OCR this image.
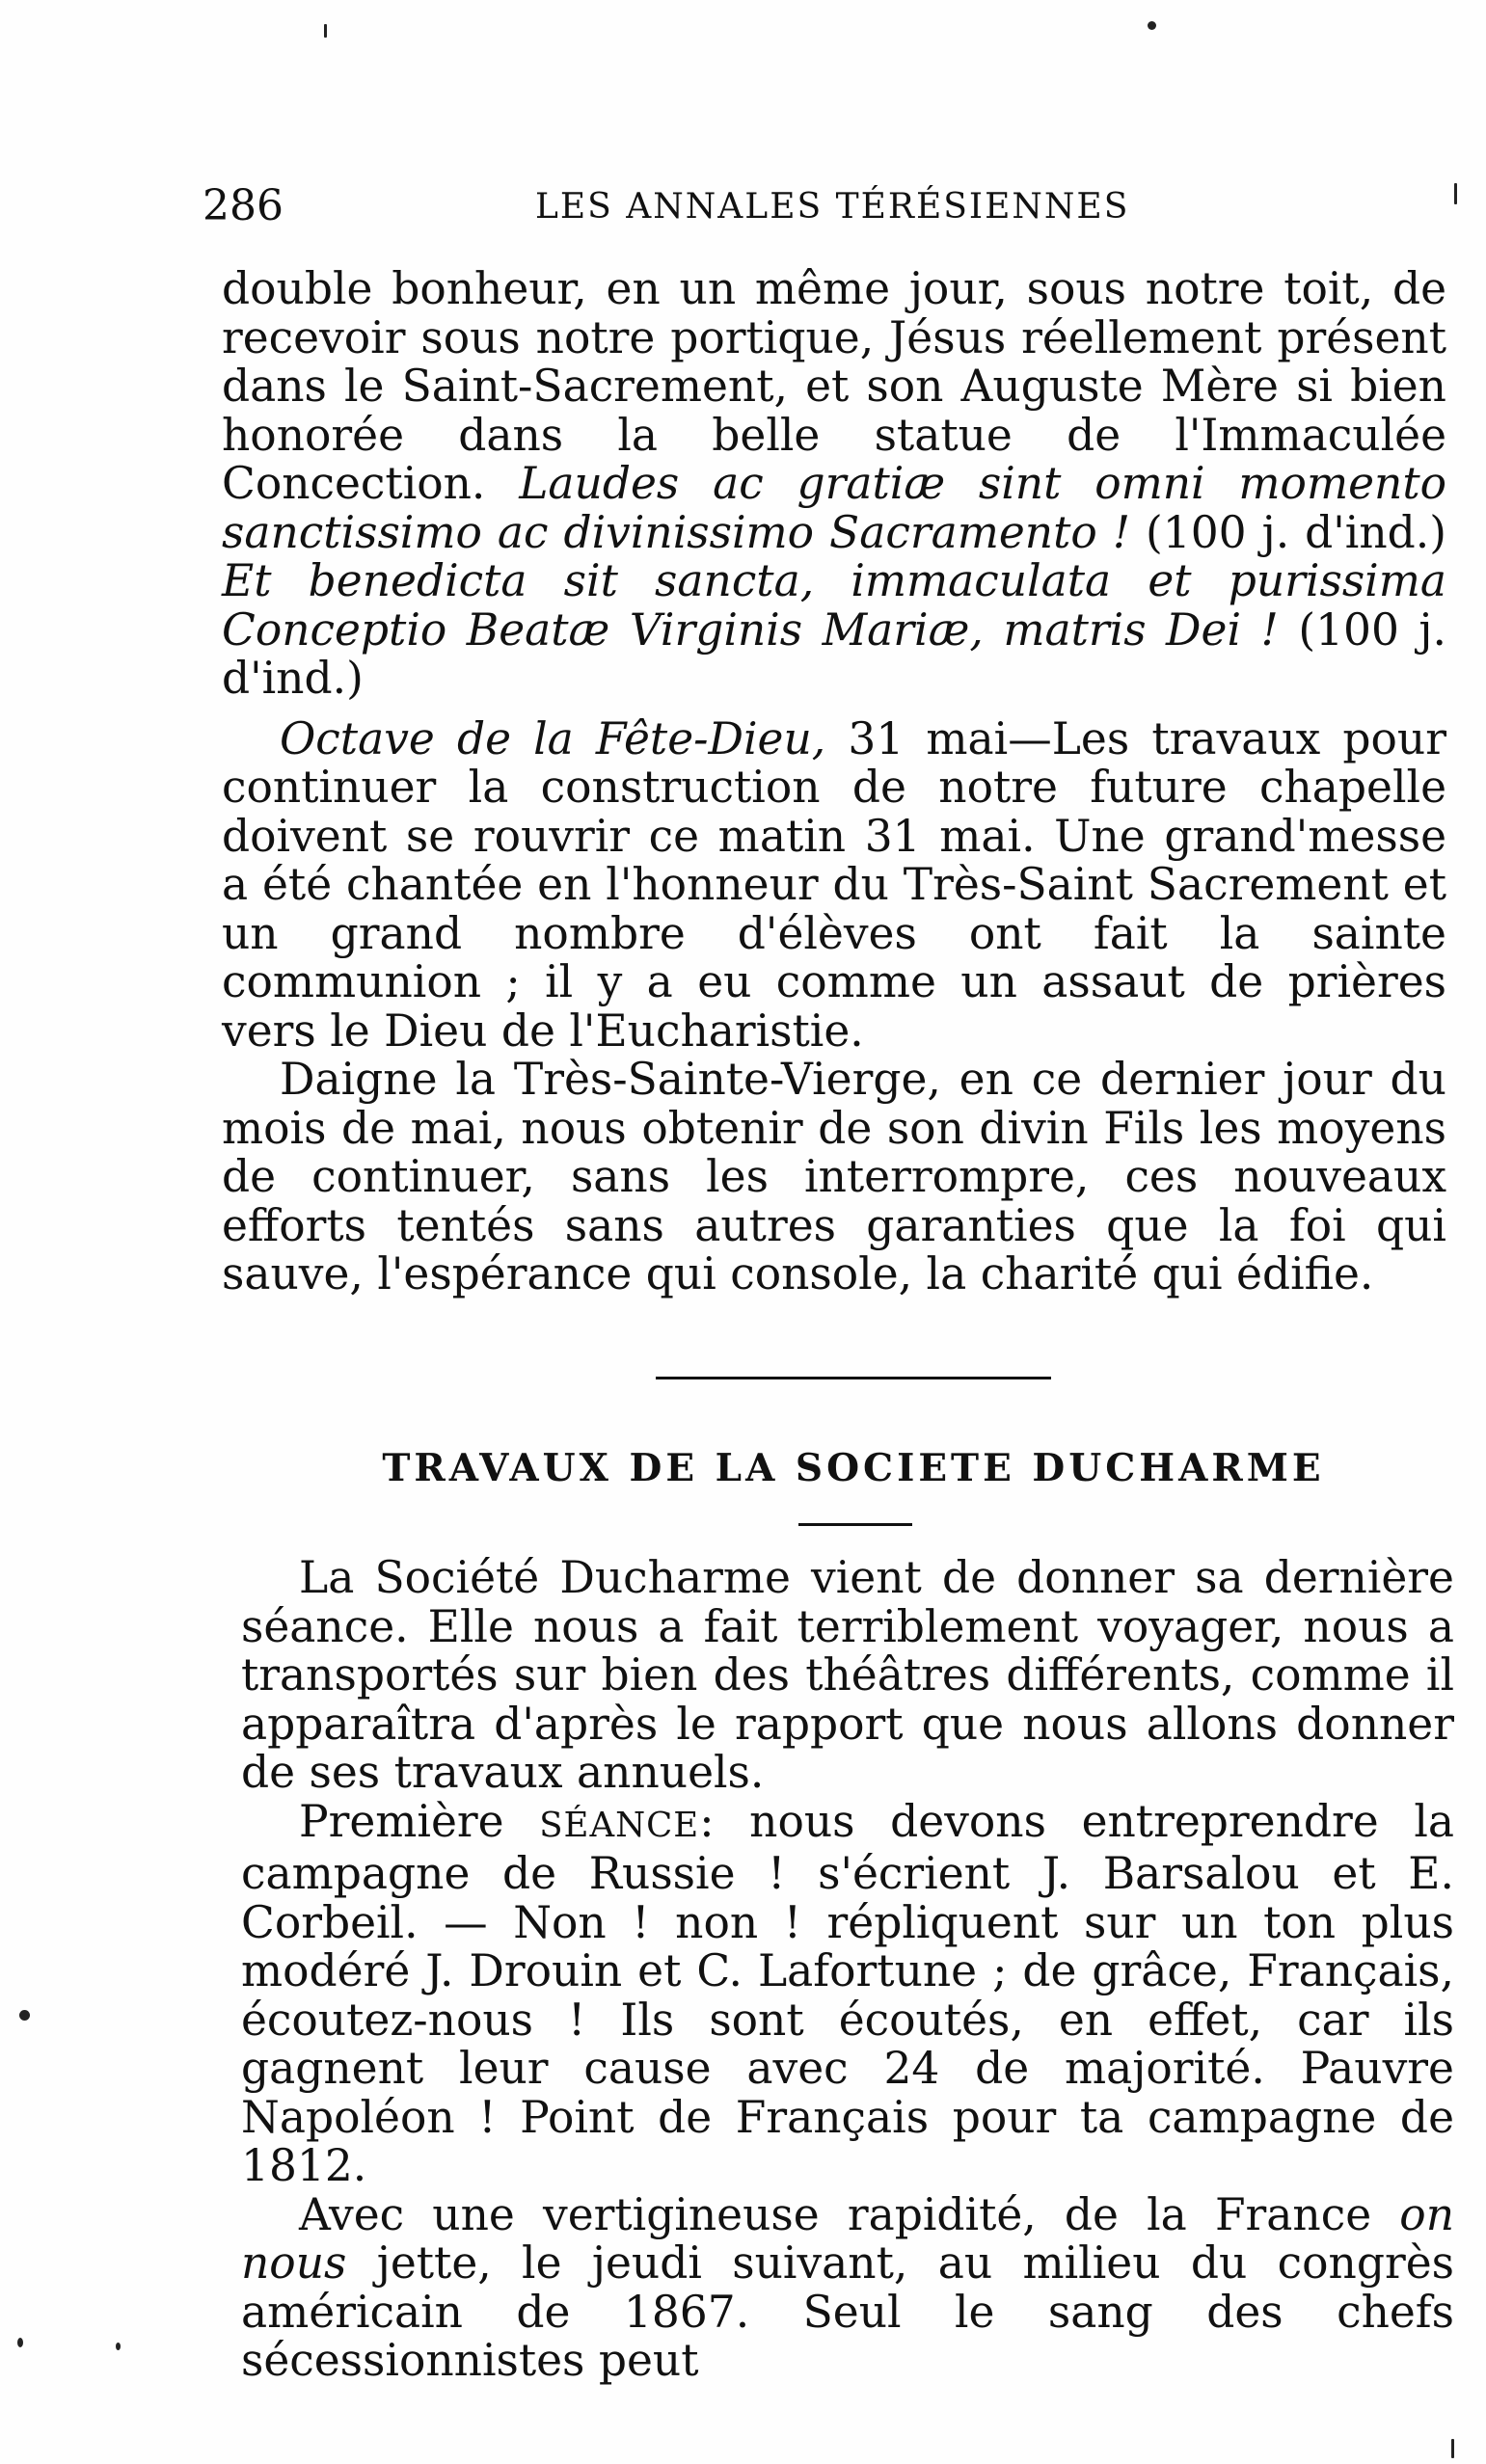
286	LES ANNALES TÉRÉSIENNES

double bonheur, en un même jour, sous notre toit, de recevoir sous notre portique, Jésus réellement présent dans le Saint-Sacrement, et son Auguste Mère si bien honorée dans la belle statue de l'Immaculée Concection. Laudes ac gratiæ sint omni momento sanctissimo ac divinissimo Sacramento ! (100 j. d'ind.) Et benedicta sit sancta, immaculata et purissima Conceptio Beatæ Virginis Mariæ, matris Dei ! (100 j. d'ind.)

Octave de la Fête-Dieu, 31 mai—Les travaux pour continuer la construction de notre future chapelle doivent se rouvrir ce matin 31 mai. Une grand'messe a été chantée en l'honneur du Très-Saint Sacrement et un grand nombre d'élèves ont fait la sainte communion ; il y a eu comme un assaut de prières vers le Dieu de l'Eucharistie.

Daigne la Très-Sainte-Vierge, en ce dernier jour du mois de mai, nous obtenir de son divin Fils les moyens de continuer, sans les interrompre, ces nouveaux efforts tentés sans autres garanties que la foi qui sauve, l'espérance qui console, la charité qui édifie.

TRAVAUX DE LA SOCIETE DUCHARME

La Société Ducharme vient de donner sa dernière séance. Elle nous a fait terriblement voyager, nous a transportés sur bien des théâtres différents, comme il apparaîtra d'après le rapport que nous allons donner de ses travaux annuels.

Première SÉANCE: nous devons entreprendre la campagne de Russie ! s'écrient J. Barsalou et E. Corbeil. — Non ! non ! répliquent sur un ton plus modéré J. Drouin et C. Lafortune ; de grâce, Français, écoutez-nous ! Ils sont écoutés, en effet, car ils gagnent leur cause avec 24 de majorité. Pauvre Napoléon ! Point de Français pour ta campagne de 1812.

Avec une vertigineuse rapidité, de la France on nous jette, le jeudi suivant, au milieu du congrès américain de 1867. Seul le sang des chefs sécessionnistes peut
